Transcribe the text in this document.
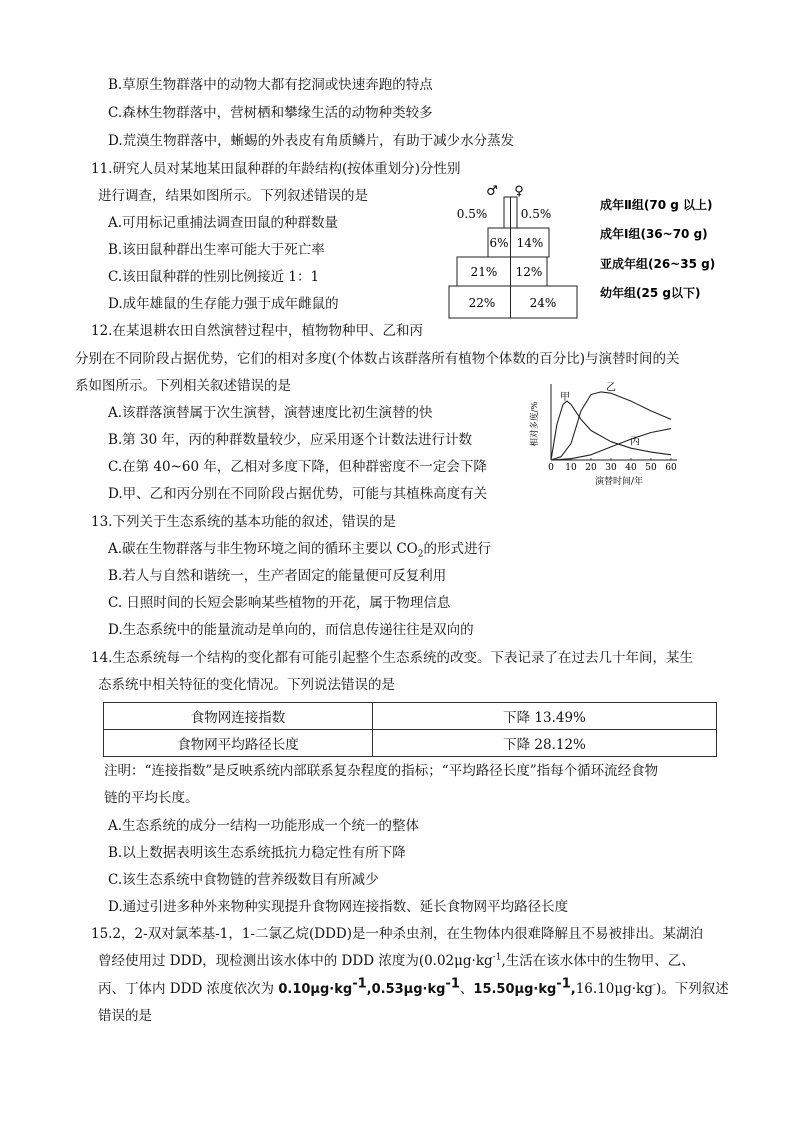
B.草原生物群落中的动物大都有挖洞或快速奔跑的特点
C.森林生物群落中，营树栖和攀缘生活的动物种类较多
D.荒漠生物群落中，蜥蜴的外表皮有角质鳞片，有助于减少水分蒸发
11.研究人员对某地某田鼠种群的年龄结构(按体重划分)分性别
进行调查，结果如图所示。下列叙述错误的是
A.可用标记重捕法调查田鼠的种群数量
B.该田鼠种群出生率可能大于死亡率
C.该田鼠种群的性别比例接近 1：1
D.成年雄鼠的生存能力强于成年雌鼠的
12.在某退耕农田自然演替过程中，植物物种甲、乙和丙
分别在不同阶段占据优势，它们的相对多度(个体数占该群落所有植物个体数的百分比)与演替时间的关
系如图所示。下列相关叙述错误的是
A.该群落演替属于次生演替，演替速度比初生演替的快
B.第 30 年，丙的种群数量较少，应采用逐个计数法进行计数
C.在第 40~60 年，乙相对多度下降，但种群密度不一定会下降
D.甲、乙和丙分别在不同阶段占据优势，可能与其植株高度有关
13.下列关于生态系统的基本功能的叙述，错误的是
A.碳在生物群落与非生物环境之间的循环主要以 $CO_2$的形式进行
B.若人与自然和谐统一，生产者固定的能量便可反复利用
C. 日照时间的长短会影响某些植物的开花，属于物理信息
D.生态系统中的能量流动是单向的，而信息传递往往是双向的
14.生态系统每一个结构的变化都有可能引起整个生态系统的改变。下表记录了在过去几十年间，某生
态系统中相关特征的变化情况。下列说法错误的是
食物网连接指数	下降 13.49%
食物网平均路径长度	下降 28.12%
注明：“连接指数”是反映系统内部联系复杂程度的指标；“平均路径长度”指每个循环流经食物
链的平均长度。
A.生态系统的成分一结构一功能形成一个统一的整体
B.以上数据表明该生态系统抵抗力稳定性有所下降
C.该生态系统中食物链的营养级数目有所减少
D.通过引进多种外来物种实现提升食物网连接指数、延长食物网平均路径长度
15.2，2-双对氯苯基-1，1-二氯乙烷(DDD)是一种杀虫剂，在生物体内很难降解且不易被排出。某湖泊
曾经使用过 DDD，现检测出该水体中的 DDD 浓度为($0.02\mu g\cdot kg^{-1}$,生活在该水体中的生物甲、乙、
丙、丁体内 DDD 浓度依次为 $0.10\mu g\cdot kg^{-1},0.53\mu g\cdot kg^{-1}$、$15.50\mu g\cdot kg^{-1},16.10\mu g\cdot kg^-$)。下列叙述
错误的是
♂ ♀
0.5%	0.5%
6% 14%
21% 12%
22%	24%
成年Ⅱ组(70 g 以上)
成年Ⅰ组(36~70 g)
亚成年组(26~35 g)
幼年组(25 g以下)
0 10 20 30 40 50 60
演替时间/年
相对多度/%
甲
乙
丙
